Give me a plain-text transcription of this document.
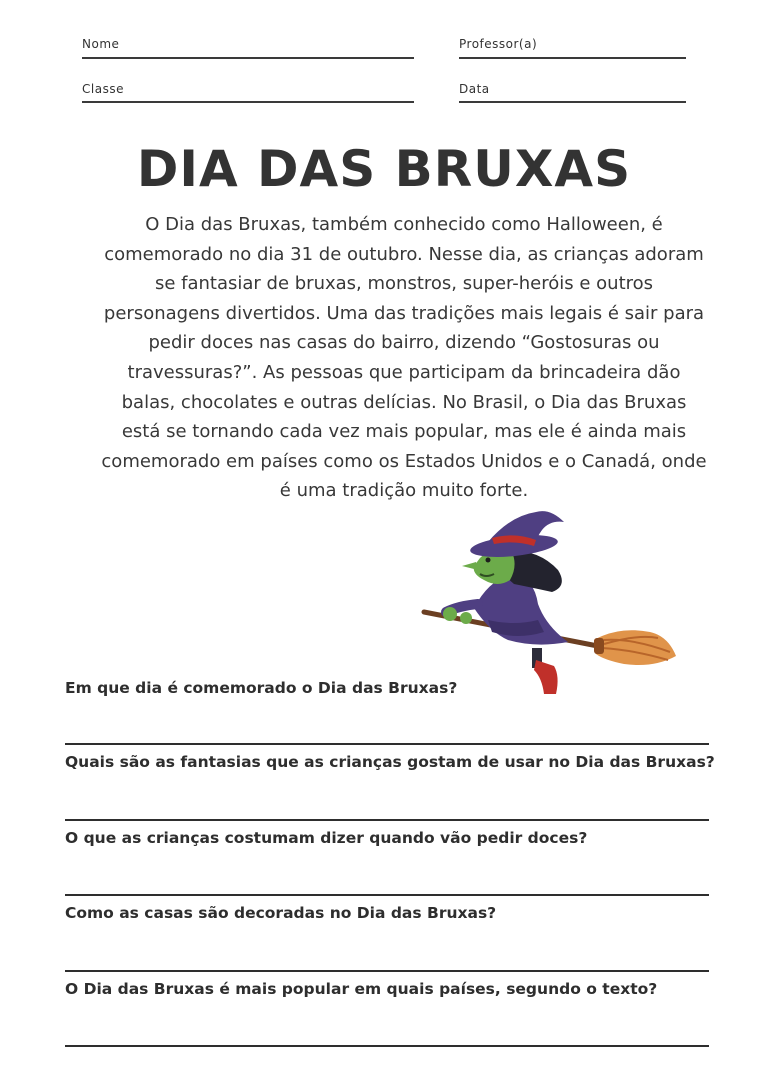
Nome	Professor(a)
Classe	Data
DIA DAS BRUXAS
O Dia das Bruxas, também conhecido como Halloween, é comemorado no dia 31 de outubro. Nesse dia, as crianças adoram se fantasiar de bruxas, monstros, super-heróis e outros personagens divertidos. Uma das tradições mais legais é sair para pedir doces nas casas do bairro, dizendo “Gostosuras ou travessuras?”. As pessoas que participam da brincadeira dão balas, chocolates e outras delícias. No Brasil, o Dia das Bruxas está se tornando cada vez mais popular, mas ele é ainda mais comemorado em países como os Estados Unidos e o Canadá, onde é uma tradição muito forte.
Em que dia é comemorado o Dia das Bruxas?
Quais são as fantasias que as crianças gostam de usar no Dia das Bruxas?
O que as crianças costumam dizer quando vão pedir doces?
Como as casas são decoradas no Dia das Bruxas?
O Dia das Bruxas é mais popular em quais países, segundo o texto?
